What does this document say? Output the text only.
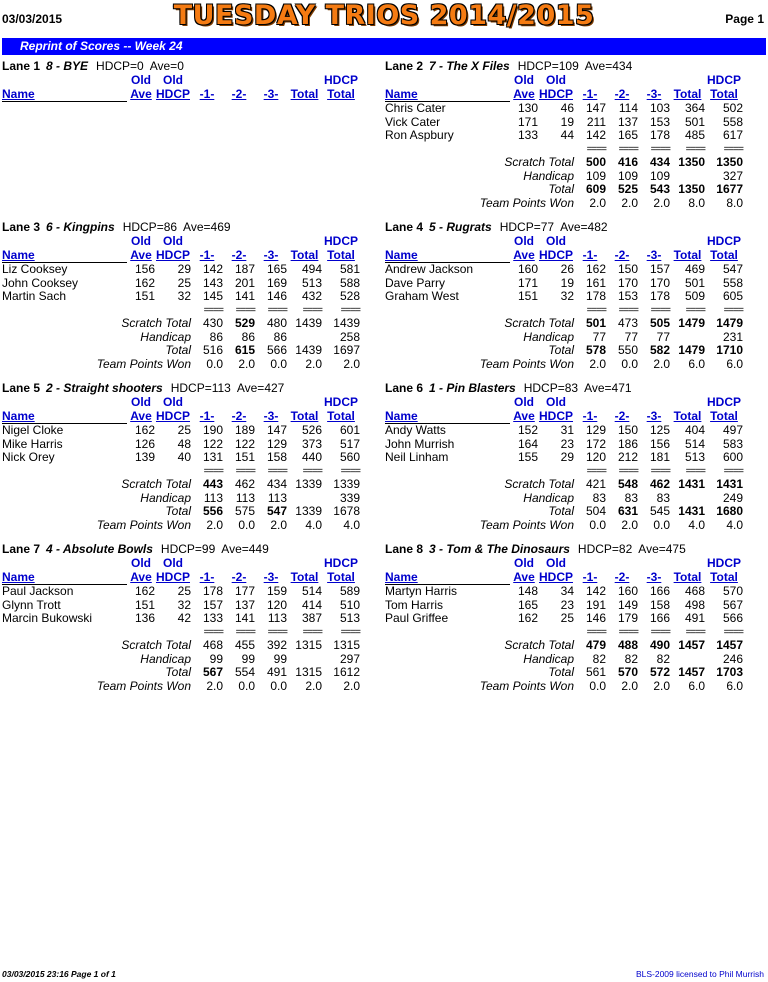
03/03/2015	TUESDAY TRIOS 2014/2015	Page 1
Reprint of Scores -- Week 24
Lane 1 8 - BYE HDCP=0 Ave=0
	Old	Old					HDCP
Name	Ave	HDCP	-1-	-2-	-3-	Total	Total
Lane 2 7 - The X Files HDCP=109 Ave=434
	Old	Old					HDCP
Name	Ave	HDCP	-1-	-2-	-3-	Total	Total
Chris Cater	130	46	147	114	103	364	502
Vick Cater	171	19	211	137	153	501	558
Ron Aspbury	133	44	142	165	178	485	617
			====	====	====	====	====
Scratch Total			500	416	434	1350	1350
Handicap			109	109	109		327
Total			609	525	543	1350	1677
Team Points Won			2.0	2.0	2.0	8.0	8.0
Lane 3 6 - Kingpins HDCP=86 Ave=469
	Old	Old					HDCP
Name	Ave	HDCP	-1-	-2-	-3-	Total	Total
Liz Cooksey	156	29	142	187	165	494	581
John Cooksey	162	25	143	201	169	513	588
Martin Sach	151	32	145	141	146	432	528
			====	====	====	====	====
Scratch Total			430	529	480	1439	1439
Handicap			86	86	86		258
Total			516	615	566	1439	1697
Team Points Won			0.0	2.0	0.0	2.0	2.0
Lane 4 5 - Rugrats HDCP=77 Ave=482
	Old	Old					HDCP
Name	Ave	HDCP	-1-	-2-	-3-	Total	Total
Andrew Jackson	160	26	162	150	157	469	547
Dave Parry	171	19	161	170	170	501	558
Graham West	151	32	178	153	178	509	605
			====	====	====	====	====
Scratch Total			501	473	505	1479	1479
Handicap			77	77	77		231
Total			578	550	582	1479	1710
Team Points Won			2.0	0.0	2.0	6.0	6.0
Lane 5 2 - Straight shooters HDCP=113 Ave=427
	Old	Old					HDCP
Name	Ave	HDCP	-1-	-2-	-3-	Total	Total
Nigel Cloke	162	25	190	189	147	526	601
Mike Harris	126	48	122	122	129	373	517
Nick Orey	139	40	131	151	158	440	560
			====	====	====	====	====
Scratch Total			443	462	434	1339	1339
Handicap			113	113	113		339
Total			556	575	547	1339	1678
Team Points Won			2.0	0.0	2.0	4.0	4.0
Lane 6 1 - Pin Blasters HDCP=83 Ave=471
	Old	Old					HDCP
Name	Ave	HDCP	-1-	-2-	-3-	Total	Total
Andy Watts	152	31	129	150	125	404	497
John Murrish	164	23	172	186	156	514	583
Neil Linham	155	29	120	212	181	513	600
			====	====	====	====	====
Scratch Total			421	548	462	1431	1431
Handicap			83	83	83		249
Total			504	631	545	1431	1680
Team Points Won			0.0	2.0	0.0	4.0	4.0
Lane 7 4 - Absolute Bowls HDCP=99 Ave=449
	Old	Old					HDCP
Name	Ave	HDCP	-1-	-2-	-3-	Total	Total
Paul Jackson	162	25	178	177	159	514	589
Glynn Trott	151	32	157	137	120	414	510
Marcin Bukowski	136	42	133	141	113	387	513
			====	====	====	====	====
Scratch Total			468	455	392	1315	1315
Handicap			99	99	99		297
Total			567	554	491	1315	1612
Team Points Won			2.0	0.0	0.0	2.0	2.0
Lane 8 3 - Tom & The Dinosaurs HDCP=82 Ave=475
	Old	Old					HDCP
Name	Ave	HDCP	-1-	-2-	-3-	Total	Total
Martyn Harris	148	34	142	160	166	468	570
Tom Harris	165	23	191	149	158	498	567
Paul Griffee	162	25	146	179	166	491	566
			====	====	====	====	====
Scratch Total			479	488	490	1457	1457
Handicap			82	82	82		246
Total			561	570	572	1457	1703
Team Points Won			0.0	2.0	2.0	6.0	6.0
03/03/2015 23:16 Page 1 of 1	BLS-2009 licensed to Phil Murrish
